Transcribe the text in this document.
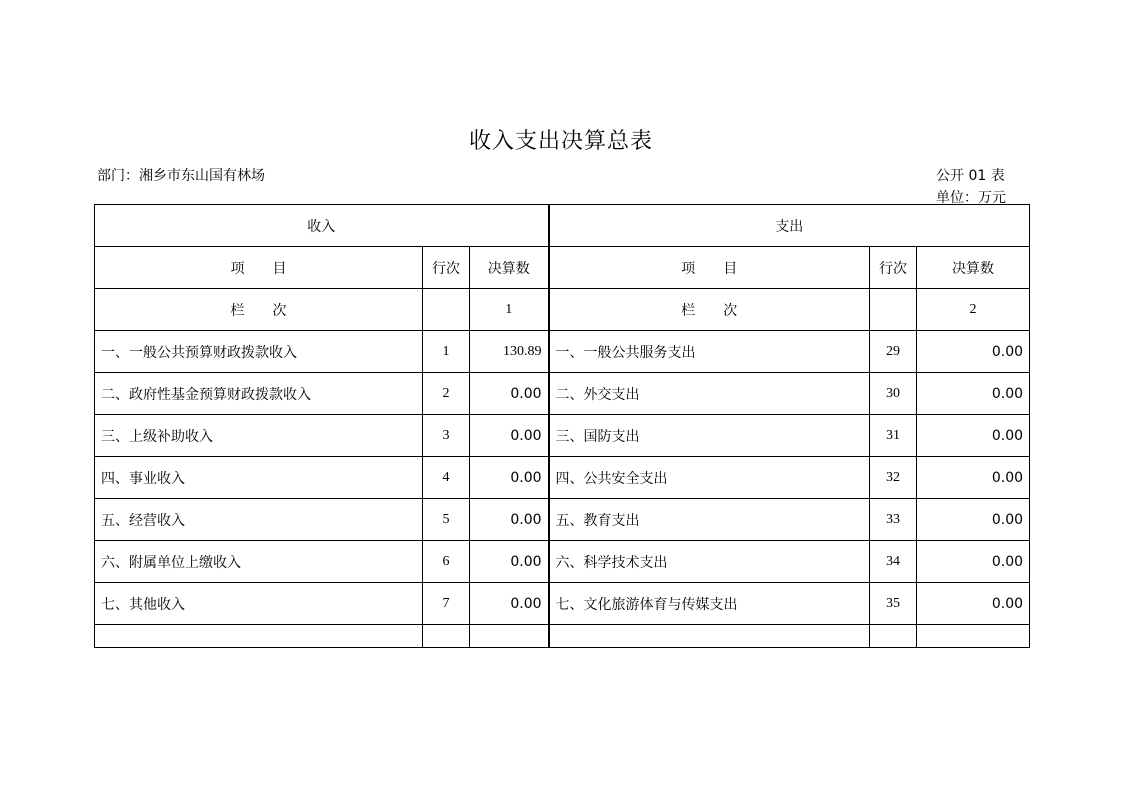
收入支出决算总表
部门：湘乡市东山国有林场	公开 01 表
单位：万元
收入			支出		
项　　目	行次	决算数	项　　目	行次	决算数
栏　　次		1	栏　　次		2
一、一般公共预算财政拨款收入	1	130.89	一、一般公共服务支出	29	0.00
二、政府性基金预算财政拨款收入	2	0.00	二、外交支出	30	0.00
三、上级补助收入	3	0.00	三、国防支出	31	0.00
四、事业收入	4	0.00	四、公共安全支出	32	0.00
五、经营收入	5	0.00	五、教育支出	33	0.00
六、附属单位上缴收入	6	0.00	六、科学技术支出	34	0.00
七、其他收入	7	0.00	七、文化旅游体育与传媒支出	35	0.00
